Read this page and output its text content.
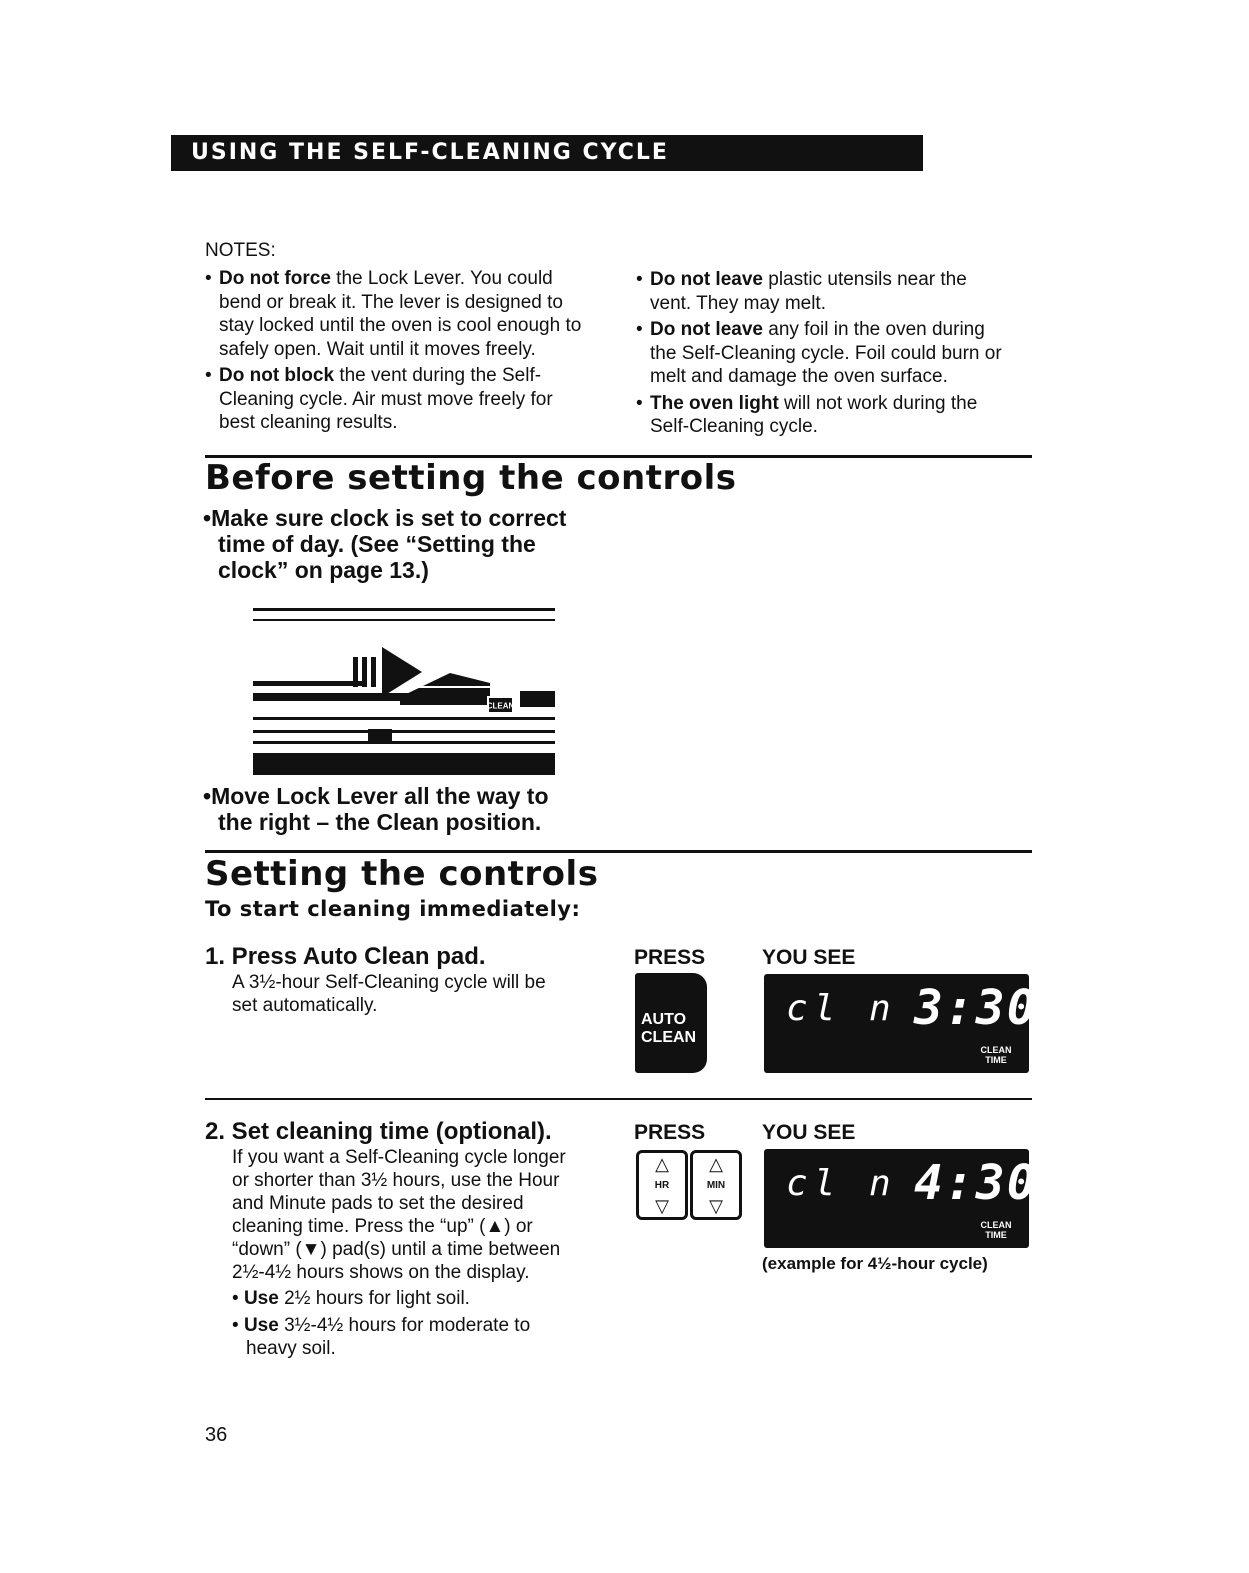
USING THE SELF-CLEANING CYCLE
NOTES:
• Do not force the Lock Lever. You could
bend or break it. The lever is designed to
stay locked until the oven is cool enough to
safely open. Wait until it moves freely.
• Do not block the vent during the Self-
Cleaning cycle. Air must move freely for
best cleaning results.
• Do not leave plastic utensils near the
vent. They may melt.
• Do not leave any foil in the oven during
the Self-Cleaning cycle. Foil could burn or
melt and damage the oven surface.
• The oven light will not work during the
Self-Cleaning cycle.
Before setting the controls
•Make sure clock is set to correct
time of day. (See “Setting the
clock” on page 13.)
CLEAN
•Move Lock Lever all the way to
the right – the Clean position.
Setting the controls
To start cleaning immediately:
1. Press Auto Clean pad.
A 3½-hour Self-Cleaning cycle will be
set automatically.
PRESS	YOU SEE
AUTO
CLEAN
cl n 3:30
CLEAN
TIME
2. Set cleaning time (optional).
If you want a Self-Cleaning cycle longer
or shorter than 3½ hours, use the Hour
and Minute pads to set the desired
cleaning time. Press the “up” (▲) or
“down” (▼) pad(s) until a time between
2½-4½ hours shows on the display.
• Use 2½ hours for light soil.
• Use 3½-4½ hours for moderate to
heavy soil.
PRESS	YOU SEE
△
HR
▽
△
MIN
▽
cl n 4:30
CLEAN
TIME
(example for 4½-hour cycle)
36
